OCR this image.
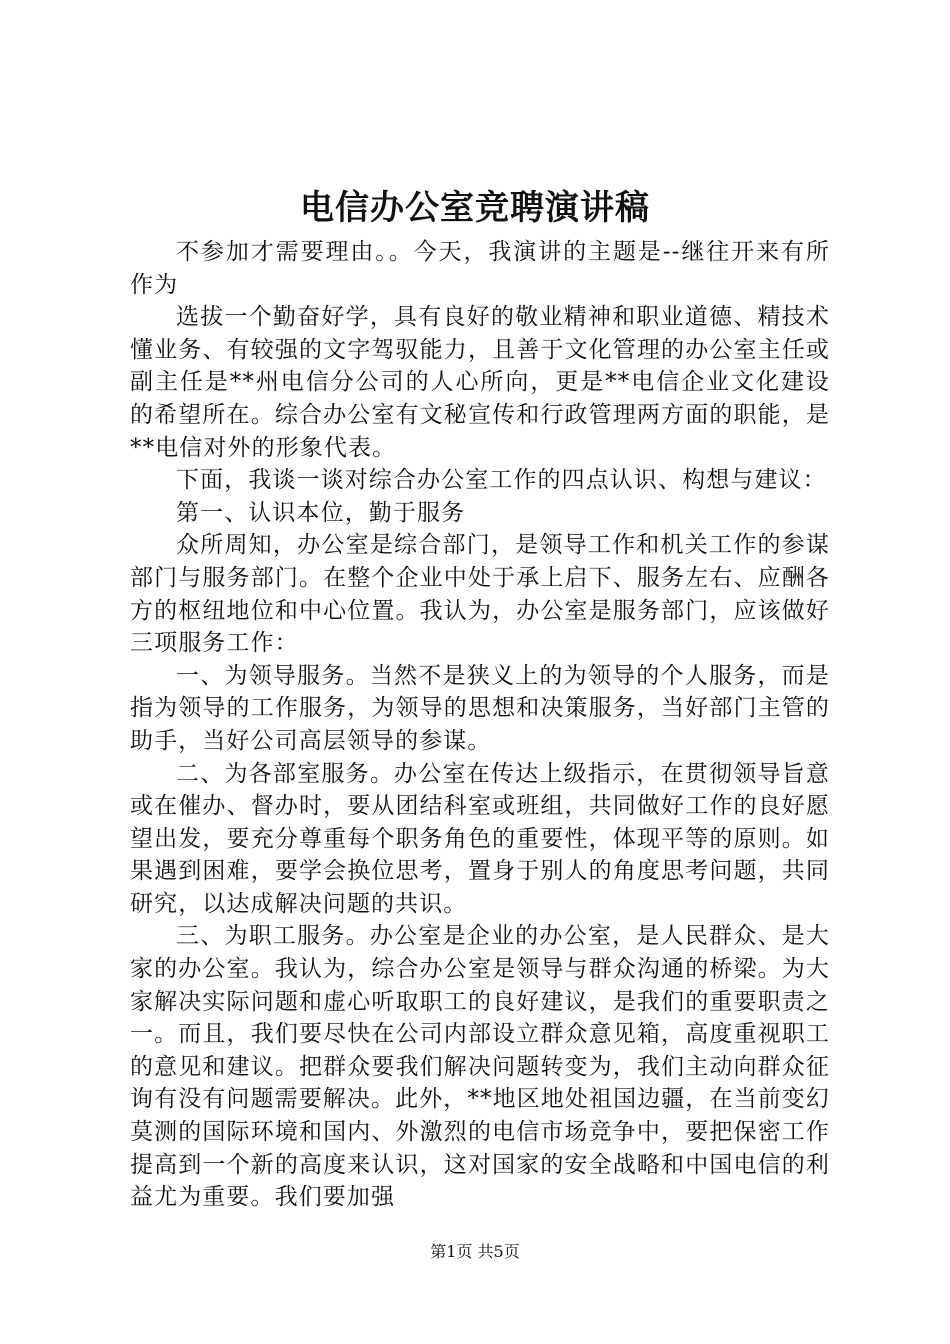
电信办公室竞聘演讲稿

不参加才需要理由。。今天，我演讲的主题是--继往开来有所作为

选拔一个勤奋好学，具有良好的敬业精神和职业道德、精技术懂业务、有较强的文字驾驭能力，且善于文化管理的办公室主任或副主任是**州电信分公司的人心所向，更是**电信企业文化建设的希望所在。综合办公室有文秘宣传和行政管理两方面的职能，是**电信对外的形象代表。

下面，我谈一谈对综合办公室工作的四点认识、构想与建议：

第一、认识本位，勤于服务

众所周知，办公室是综合部门，是领导工作和机关工作的参谋部门与服务部门。在整个企业中处于承上启下、服务左右、应酬各方的枢纽地位和中心位置。我认为，办公室是服务部门，应该做好三项服务工作：

一、为领导服务。当然不是狭义上的为领导的个人服务，而是指为领导的工作服务，为领导的思想和决策服务，当好部门主管的助手，当好公司高层领导的参谋。

二、为各部室服务。办公室在传达上级指示，在贯彻领导旨意或在催办、督办时，要从团结科室或班组，共同做好工作的良好愿望出发，要充分尊重每个职务角色的重要性，体现平等的原则。如果遇到困难，要学会换位思考，置身于别人的角度思考问题，共同研究，以达成解决问题的共识。

三、为职工服务。办公室是企业的办公室，是人民群众、是大家的办公室。我认为，综合办公室是领导与群众沟通的桥梁。为大家解决实际问题和虚心听取职工的良好建议，是我们的重要职责之一。而且，我们要尽快在公司内部设立群众意见箱，高度重视职工的意见和建议。把群众要我们解决问题转变为，我们主动向群众征询有没有问题需要解决。此外，**地区地处祖国边疆，在当前变幻莫测的国际环境和国内、外激烈的电信市场竞争中，要把保密工作提高到一个新的高度来认识，这对国家的安全战略和中国电信的利益尤为重要。我们要加强

第1页 共5页
